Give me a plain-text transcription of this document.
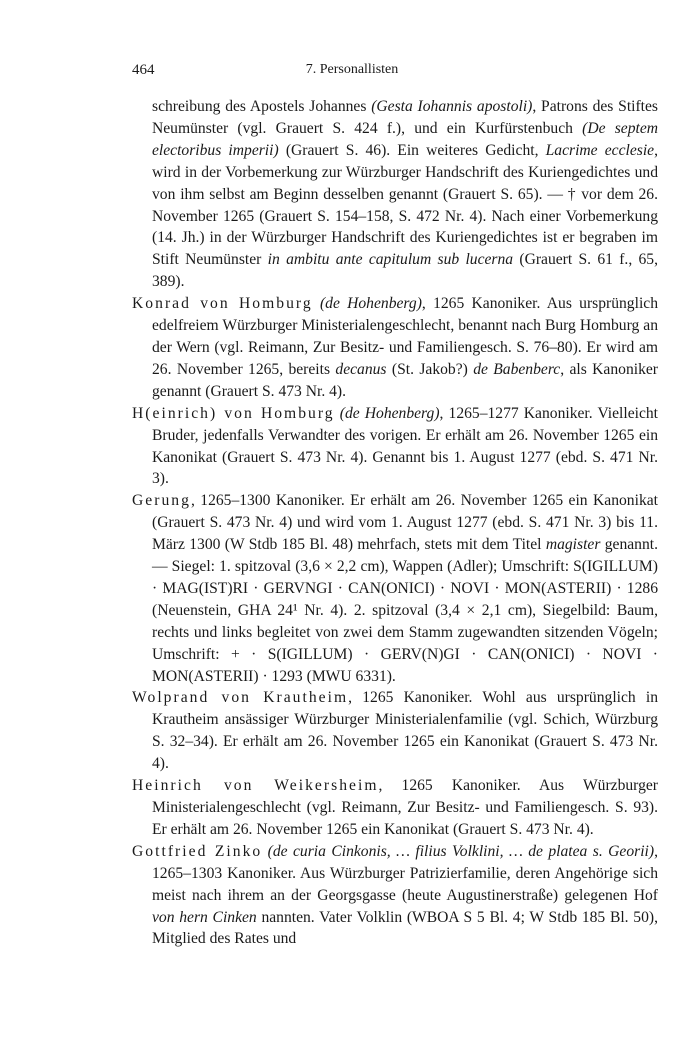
464	7. Personallisten

schreibung des Apostels Johannes (Gesta Iohannis apostoli), Patrons des Stiftes Neumünster (vgl. Grauert S. 424 f.), und ein Kurfürstenbuch (De septem electoribus imperii) (Grauert S. 46). Ein weiteres Gedicht, Lacrime ecclesie, wird in der Vorbemerkung zur Würzburger Handschrift des Kuriengedichtes und von ihm selbst am Beginn desselben genannt (Grauert S. 65). — † vor dem 26. November 1265 (Grauert S. 154–158, S. 472 Nr. 4). Nach einer Vorbemerkung (14. Jh.) in der Würzburger Handschrift des Kuriengedichtes ist er begraben im Stift Neumünster in ambitu ante capitulum sub lucerna (Grauert S. 61 f., 65, 389).

Konrad von Homburg (de Hohenberg), 1265 Kanoniker. Aus ursprünglich edelfreiem Würzburger Ministerialengeschlecht, benannt nach Burg Homburg an der Wern (vgl. Reimann, Zur Besitz- und Familiengesch. S. 76–80). Er wird am 26. November 1265, bereits decanus (St. Jakob?) de Babenberc, als Kanoniker genannt (Grauert S. 473 Nr. 4).

H(einrich) von Homburg (de Hohenberg), 1265–1277 Kanoniker. Vielleicht Bruder, jedenfalls Verwandter des vorigen. Er erhält am 26. November 1265 ein Kanonikat (Grauert S. 473 Nr. 4). Genannt bis 1. August 1277 (ebd. S. 471 Nr. 3).

Gerung, 1265–1300 Kanoniker. Er erhält am 26. November 1265 ein Kanonikat (Grauert S. 473 Nr. 4) und wird vom 1. August 1277 (ebd. S. 471 Nr. 3) bis 11. März 1300 (W Stdb 185 Bl. 48) mehrfach, stets mit dem Titel magister genannt. — Siegel: 1. spitzoval (3,6 × 2,2 cm), Wappen (Adler); Umschrift: S(IGILLUM) · MAG(IST)RI · GERVNGI · CAN(ONICI) · NOVI · MON(ASTERII) · 1286 (Neuenstein, GHA 24¹ Nr. 4). 2. spitzoval (3,4 × 2,1 cm), Siegelbild: Baum, rechts und links begleitet von zwei dem Stamm zugewandten sitzenden Vögeln; Umschrift: + · S(IGILLUM) · GERV(N)GI · CAN(ONICI) · NOVI · MON(ASTERII) · 1293 (MWU 6331).

Wolprand von Krautheim, 1265 Kanoniker. Wohl aus ursprünglich in Krautheim ansässiger Würzburger Ministerialenfamilie (vgl. Schich, Würzburg S. 32–34). Er erhält am 26. November 1265 ein Kanonikat (Grauert S. 473 Nr. 4).

Heinrich von Weikersheim, 1265 Kanoniker. Aus Würzburger Ministerialengeschlecht (vgl. Reimann, Zur Besitz- und Familiengesch. S. 93). Er erhält am 26. November 1265 ein Kanonikat (Grauert S. 473 Nr. 4).

Gottfried Zinko (de curia Cinkonis, … filius Volklini, … de platea s. Georii), 1265–1303 Kanoniker. Aus Würzburger Patrizierfamilie, deren Angehörige sich meist nach ihrem an der Georgsgasse (heute Augustinerstraße) gelegenen Hof von hern Cinken nannten. Vater Volklin (WBOA S 5 Bl. 4; W Stdb 185 Bl. 50), Mitglied des Rates und
